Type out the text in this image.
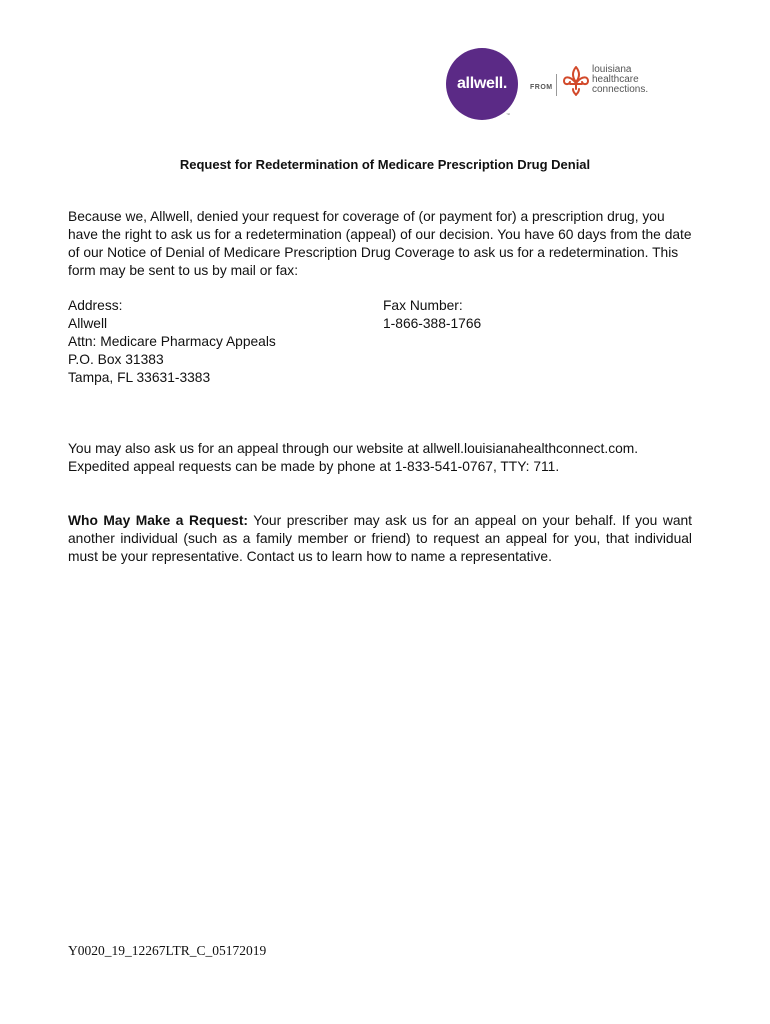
allwell.
™
FROM
louisiana
healthcare
connections.
Request for Redetermination of Medicare Prescription Drug Denial

Because we, Allwell, denied your request for coverage of (or payment for) a prescription drug, you have the right to ask us for a redetermination (appeal) of our decision. You have 60 days from the date of our Notice of Denial of Medicare Prescription Drug Coverage to ask us for a redetermination. This form may be sent to us by mail or fax:

Address:
Allwell
Attn: Medicare Pharmacy Appeals
P.O. Box 31383
Tampa, FL 33631-3383
Fax Number:
1-866-388-1766

You may also ask us for an appeal through our website at allwell.louisianahealthconnect.com. Expedited appeal requests can be made by phone at 1-833-541-0767, TTY: 711.

Who May Make a Request: Your prescriber may ask us for an appeal on your behalf. If you want another individual (such as a family member or friend) to request an appeal for you, that individual must be your representative. Contact us to learn how to name a representative.

Y0020_19_12267LTR_C_05172019
